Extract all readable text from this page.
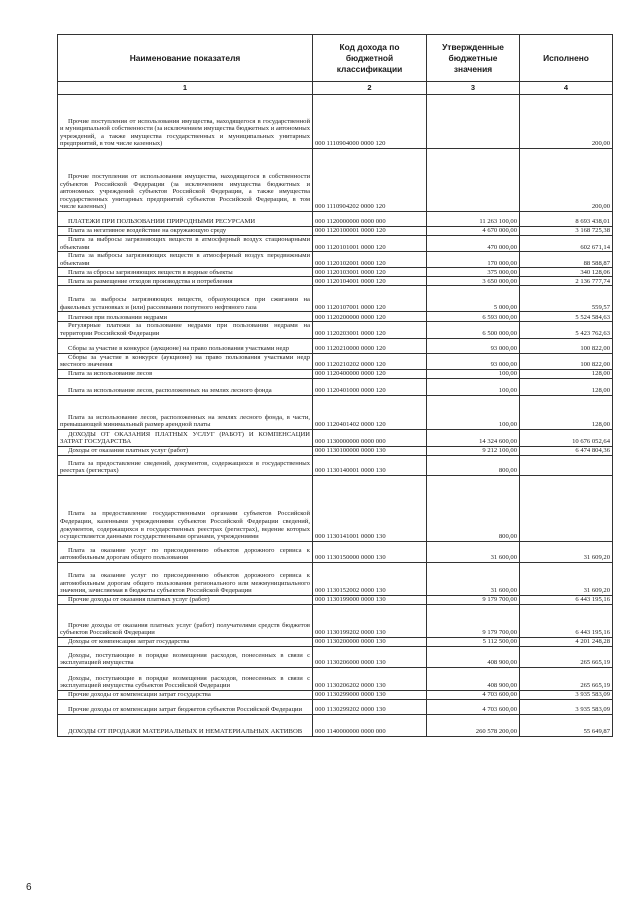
Наименование показателя	Код дохода по бюджетной классификации	Утвержденные бюджетные значения	Исполнено
1	2	3	4
Прочие поступления от использования имущества, находящегося в государственной и муниципальной собственности (за исключением имущества бюджетных и автономных учреждений, а также имущества государственных и муниципальных унитарных предприятий, в том числе казенных)	000 1110904000 0000 120		200,00
Прочие поступления от использования имущества, находящегося в собственности субъектов Российской Федерации (за исключением имущества бюджетных и автономных учреждений субъектов Российской Федерации, а также имущества государственных унитарных предприятий субъектов Российской Федерации, в том числе казенных)	000 1110904202 0000 120		200,00
ПЛАТЕЖИ ПРИ ПОЛЬЗОВАНИИ ПРИРОДНЫМИ РЕСУРСАМИ	000 1120000000 0000 000	11 263 100,00	8 693 438,01
Плата за негативное воздействие на окружающую среду	000 1120100001 0000 120	4 670 000,00	3 168 725,38
Плата за выбросы загрязняющих веществ в атмосферный воздух стационарными объектами	000 1120101001 0000 120	470 000,00	602 671,14
Плата за выбросы загрязняющих веществ в атмосферный воздух передвижными объектами	000 1120102001 0000 120	170 000,00	88 588,87
Плата за сбросы загрязняющих веществ в водные объекты	000 1120103001 0000 120	375 000,00	340 128,06
Плата за размещение отходов производства и потребления	000 1120104001 0000 120	3 650 000,00	2 136 777,74
Плата за выбросы загрязняющих веществ, образующихся при сжигании на факельных установках и (или) рассеивании попутного нефтяного газа	000 1120107001 0000 120	5 000,00	559,57
Платежи при пользовании недрами	000 1120200000 0000 120	6 593 000,00	5 524 584,63
Регулярные платежи за пользование недрами при пользовании недрами на территории Российской Федерации	000 1120203001 0000 120	6 500 000,00	5 423 762,63
Сборы за участие в конкурсе (аукционе) на право пользования участками недр	000 1120210000 0000 120	93 000,00	100 822,00
Сборы за участие в конкурсе (аукционе) на право пользования участками недр местного значения	000 1120210202 0000 120	93 000,00	100 822,00
Плата за использование лесов	000 1120400000 0000 120	100,00	128,00
Плата за использование лесов, расположенных на землях лесного фонда	000 1120401000 0000 120	100,00	128,00
Плата за использование лесов, расположенных на землях лесного фонда, в части, превышающей минимальный размер арендной платы	000 1120401402 0000 120	100,00	128,00
ДОХОДЫ ОТ ОКАЗАНИЯ ПЛАТНЫХ УСЛУГ (РАБОТ) И КОМПЕНСАЦИИ ЗАТРАТ ГОСУДАРСТВА	000 1130000000 0000 000	14 324 600,00	10 676 052,64
Доходы от оказания платных услуг (работ)	000 1130100000 0000 130	9 212 100,00	6 474 804,36
Плата за предоставление сведений, документов, содержащихся в государственных реестрах (регистрах)	000 1130140001 0000 130	800,00	
Плата за предоставление государственными органами субъектов Российской Федерации, казенными учреждениями субъектов Российской Федерации сведений, документов, содержащихся в государственных реестрах (регистрах), ведение которых осуществляется данными государственными органами, учреждениями	000 1130141001 0000 130	800,00	
Плата за оказание услуг по присоединению объектов дорожного сервиса к автомобильным дорогам общего пользования	000 1130150000 0000 130	31 600,00	31 609,20
Плата за оказание услуг по присоединению объектов дорожного сервиса к автомобильным дорогам общего пользования регионального или межмуниципального значения, зачисляемая в бюджеты субъектов Российской Федерации	000 1130152002 0000 130	31 600,00	31 609,20
Прочие доходы от оказания платных услуг (работ)	000 1130199000 0000 130	9 179 700,00	6 443 195,16
Прочие доходы от оказания платных услуг (работ) получателями средств бюджетов субъектов Российской Федерации	000 1130199202 0000 130	9 179 700,00	6 443 195,16
Доходы от компенсации затрат государства	000 1130200000 0000 130	5 112 500,00	4 201 248,28
Доходы, поступающие в порядке возмещения расходов, понесенных в связи с эксплуатацией имущества	000 1130206000 0000 130	408 900,00	265 665,19
Доходы, поступающие в порядке возмещения расходов, понесенных в связи с эксплуатацией имущества субъектов Российской Федерации	000 1130206202 0000 130	408 900,00	265 665,19
Прочие доходы от компенсации затрат государства	000 1130299000 0000 130	4 703 600,00	3 935 583,09
Прочие доходы от компенсации затрат бюджетов субъектов Российской Федерации	000 1130299202 0000 130	4 703 600,00	3 935 583,09
ДОХОДЫ ОТ ПРОДАЖИ МАТЕРИАЛЬНЫХ И НЕМАТЕРИАЛЬНЫХ АКТИВОВ	000 1140000000 0000 000	260 578 200,00	55 649,87
6
